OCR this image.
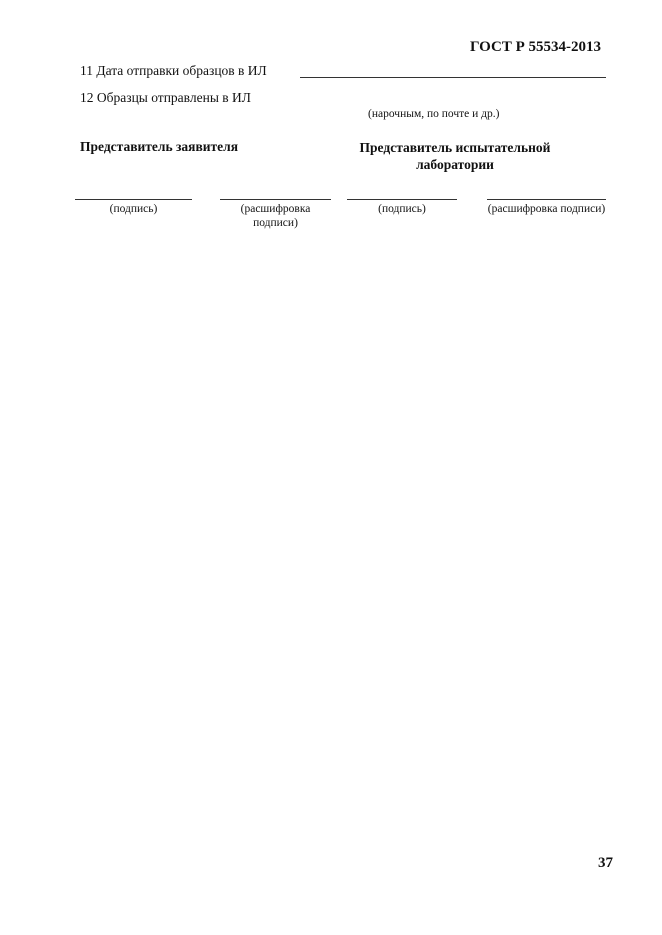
ГОСТ Р 55534-2013
11 Дата отправки образцов в ИЛ
12 Образцы отправлены в ИЛ
(нарочным, по почте и др.)
Представитель заявителя	Представитель испытательной лаборатории
(подпись)	(расшифровка подписи)
(подпись)	(расшифровка подписи)
37
